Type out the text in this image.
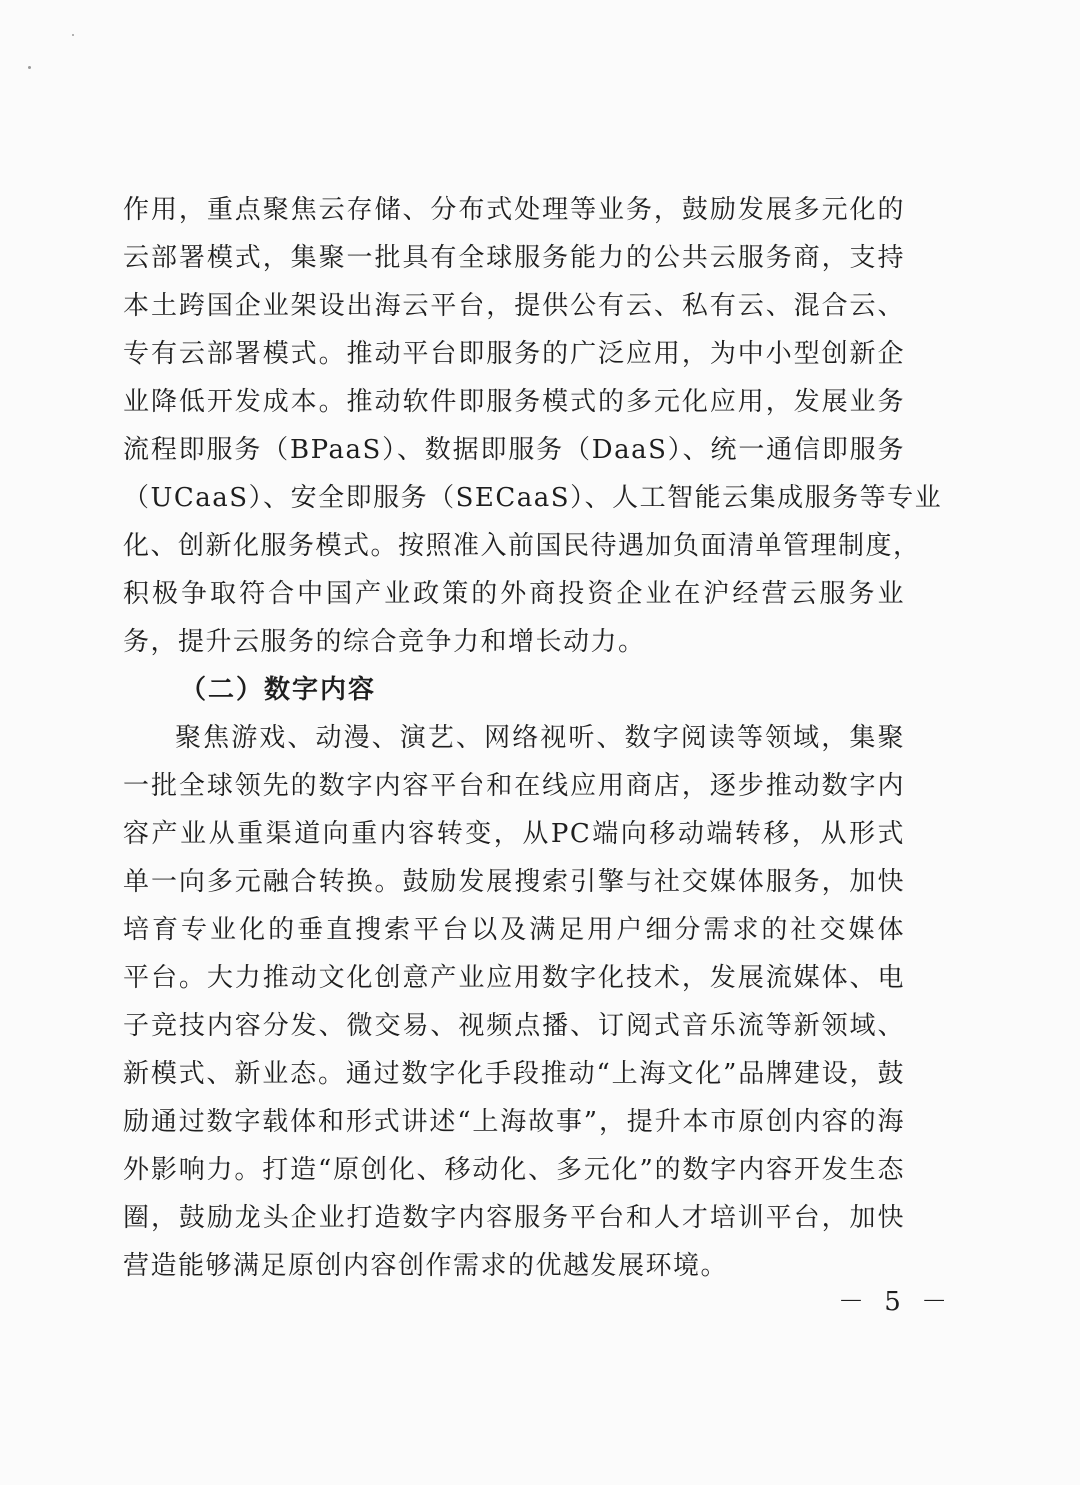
作用，重点聚焦云存储、分布式处理等业务，鼓励发展多元化的
云部署模式，集聚一批具有全球服务能力的公共云服务商，支持
本土跨国企业架设出海云平台，提供公有云、私有云、混合云、
专有云部署模式。推动平台即服务的广泛应用，为中小型创新企
业降低开发成本。推动软件即服务模式的多元化应用，发展业务
流程即服务（BPaaS）、数据即服务（DaaS）、统一通信即服务
（UCaaS）、安全即服务（SECaaS）、人工智能云集成服务等专业
化、创新化服务模式。按照准入前国民待遇加负面清单管理制度，
积极争取符合中国产业政策的外商投资企业在沪经营云服务业
务，提升云服务的综合竞争力和增长动力。
（二）数字内容
聚焦游戏、动漫、演艺、网络视听、数字阅读等领域，集聚
一批全球领先的数字内容平台和在线应用商店，逐步推动数字内
容产业从重渠道向重内容转变，从PC端向移动端转移，从形式
单一向多元融合转换。鼓励发展搜索引擎与社交媒体服务，加快
培育专业化的垂直搜索平台以及满足用户细分需求的社交媒体
平台。大力推动文化创意产业应用数字化技术，发展流媒体、电
子竞技内容分发、微交易、视频点播、订阅式音乐流等新领域、
新模式、新业态。通过数字化手段推动“上海文化”品牌建设，鼓
励通过数字载体和形式讲述“上海故事”，提升本市原创内容的海
外影响力。打造“原创化、移动化、多元化”的数字内容开发生态
圈，鼓励龙头企业打造数字内容服务平台和人才培训平台，加快
营造能够满足原创内容创作需求的优越发展环境。
－ 5 －
